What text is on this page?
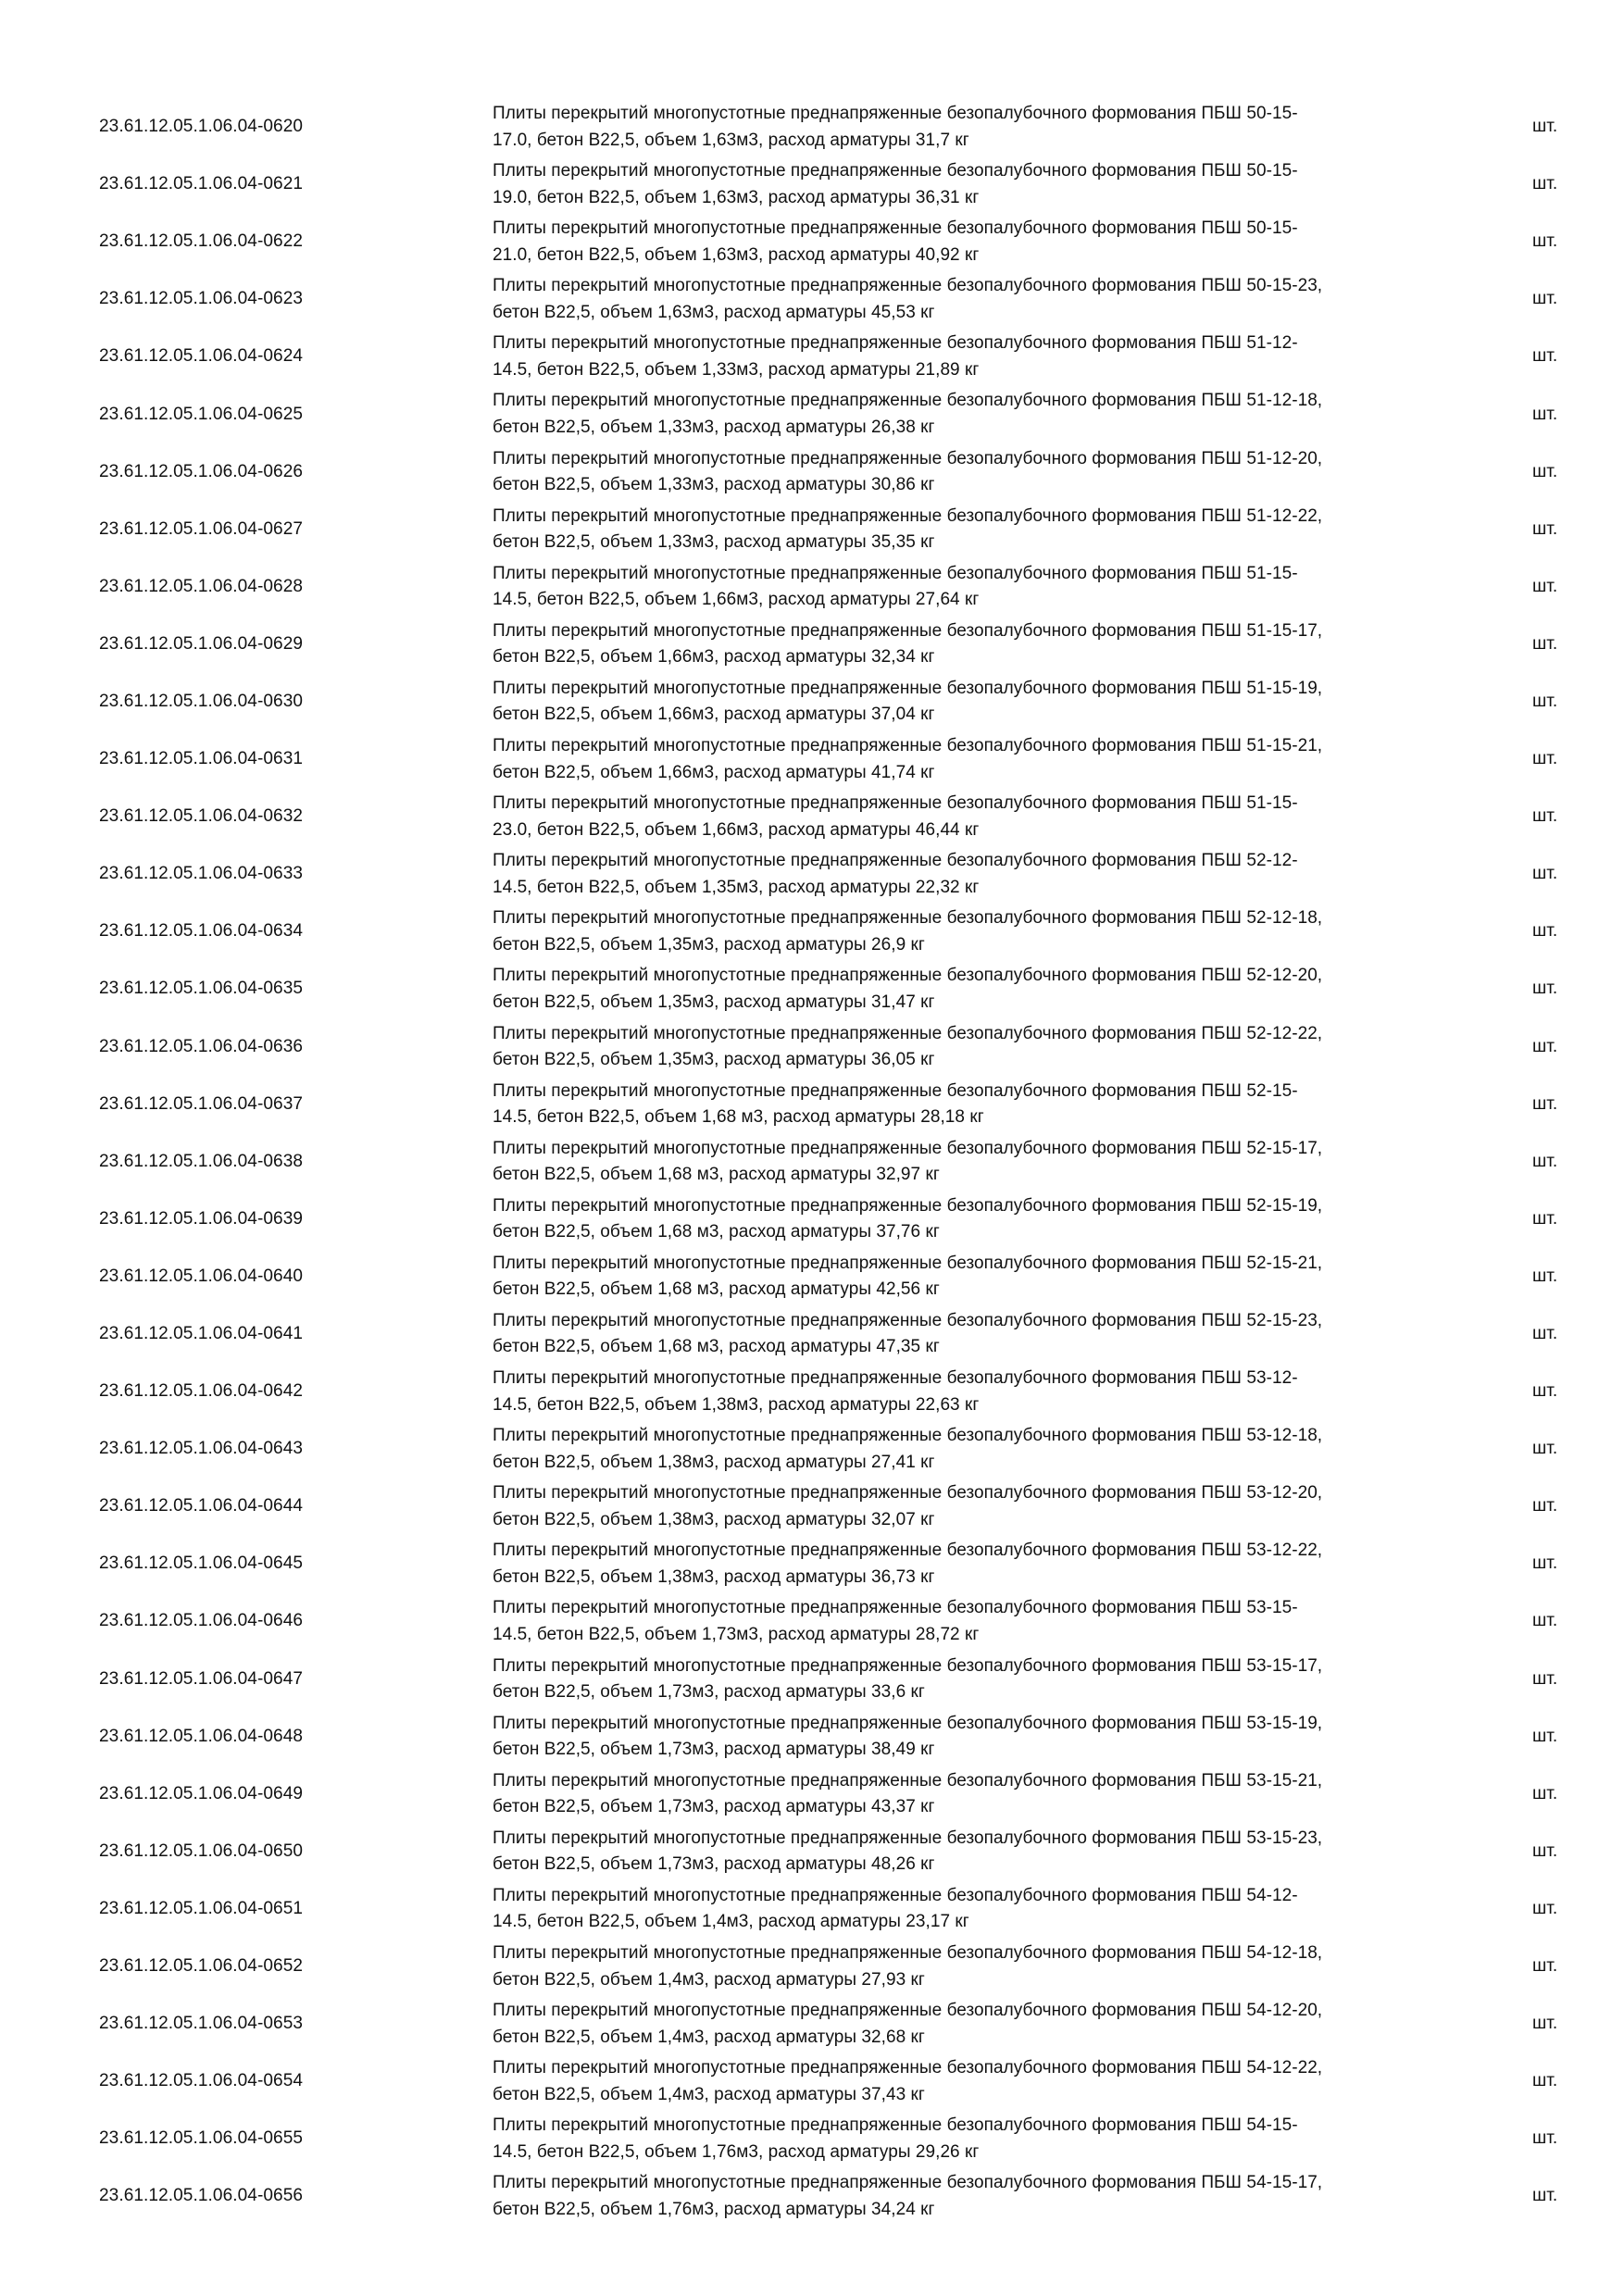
23.61.12.05.1.06.04-0620
Плиты перекрытий многопустотные преднапряженные безопалубочного формования ПБШ 50-15-
17.0, бетон В22,5, объем 1,63м3, расход арматуры 31,7 кг
шт.
23.61.12.05.1.06.04-0621
Плиты перекрытий многопустотные преднапряженные безопалубочного формования ПБШ 50-15-
19.0, бетон В22,5, объем 1,63м3, расход арматуры 36,31 кг
шт.
23.61.12.05.1.06.04-0622
Плиты перекрытий многопустотные преднапряженные безопалубочного формования ПБШ 50-15-
21.0, бетон В22,5, объем 1,63м3, расход арматуры 40,92 кг
шт.
23.61.12.05.1.06.04-0623
Плиты перекрытий многопустотные преднапряженные безопалубочного формования ПБШ 50-15-23,
бетон В22,5, объем 1,63м3, расход арматуры 45,53 кг
шт.
23.61.12.05.1.06.04-0624
Плиты перекрытий многопустотные преднапряженные безопалубочного формования ПБШ 51-12-
14.5, бетон В22,5, объем 1,33м3, расход арматуры 21,89 кг
шт.
23.61.12.05.1.06.04-0625
Плиты перекрытий многопустотные преднапряженные безопалубочного формования ПБШ 51-12-18,
бетон В22,5, объем 1,33м3, расход арматуры 26,38 кг
шт.
23.61.12.05.1.06.04-0626
Плиты перекрытий многопустотные преднапряженные безопалубочного формования ПБШ 51-12-20,
бетон В22,5, объем 1,33м3, расход арматуры 30,86 кг
шт.
23.61.12.05.1.06.04-0627
Плиты перекрытий многопустотные преднапряженные безопалубочного формования ПБШ 51-12-22,
бетон В22,5, объем 1,33м3, расход арматуры 35,35 кг
шт.
23.61.12.05.1.06.04-0628
Плиты перекрытий многопустотные преднапряженные безопалубочного формования ПБШ 51-15-
14.5, бетон В22,5, объем 1,66м3, расход арматуры 27,64 кг
шт.
23.61.12.05.1.06.04-0629
Плиты перекрытий многопустотные преднапряженные безопалубочного формования ПБШ 51-15-17,
бетон В22,5, объем 1,66м3, расход арматуры 32,34 кг
шт.
23.61.12.05.1.06.04-0630
Плиты перекрытий многопустотные преднапряженные безопалубочного формования ПБШ 51-15-19,
бетон В22,5, объем 1,66м3, расход арматуры 37,04 кг
шт.
23.61.12.05.1.06.04-0631
Плиты перекрытий многопустотные преднапряженные безопалубочного формования ПБШ 51-15-21,
бетон В22,5, объем 1,66м3, расход арматуры 41,74 кг
шт.
23.61.12.05.1.06.04-0632
Плиты перекрытий многопустотные преднапряженные безопалубочного формования ПБШ 51-15-
23.0, бетон В22,5, объем 1,66м3, расход арматуры 46,44 кг
шт.
23.61.12.05.1.06.04-0633
Плиты перекрытий многопустотные преднапряженные безопалубочного формования ПБШ 52-12-
14.5, бетон В22,5, объем 1,35м3, расход арматуры 22,32 кг
шт.
23.61.12.05.1.06.04-0634
Плиты перекрытий многопустотные преднапряженные безопалубочного формования ПБШ 52-12-18,
бетон В22,5, объем 1,35м3, расход арматуры 26,9 кг
шт.
23.61.12.05.1.06.04-0635
Плиты перекрытий многопустотные преднапряженные безопалубочного формования ПБШ 52-12-20,
бетон В22,5, объем 1,35м3, расход арматуры 31,47 кг
шт.
23.61.12.05.1.06.04-0636
Плиты перекрытий многопустотные преднапряженные безопалубочного формования ПБШ 52-12-22,
бетон В22,5, объем 1,35м3, расход арматуры 36,05 кг
шт.
23.61.12.05.1.06.04-0637
Плиты перекрытий многопустотные преднапряженные безопалубочного формования ПБШ 52-15-
14.5, бетон В22,5, объем 1,68 м3, расход арматуры 28,18 кг
шт.
23.61.12.05.1.06.04-0638
Плиты перекрытий многопустотные преднапряженные безопалубочного формования ПБШ 52-15-17,
бетон В22,5, объем 1,68 м3, расход арматуры 32,97 кг
шт.
23.61.12.05.1.06.04-0639
Плиты перекрытий многопустотные преднапряженные безопалубочного формования ПБШ 52-15-19,
бетон В22,5, объем 1,68 м3, расход арматуры 37,76 кг
шт.
23.61.12.05.1.06.04-0640
Плиты перекрытий многопустотные преднапряженные безопалубочного формования ПБШ 52-15-21,
бетон В22,5, объем 1,68 м3, расход арматуры 42,56 кг
шт.
23.61.12.05.1.06.04-0641
Плиты перекрытий многопустотные преднапряженные безопалубочного формования ПБШ 52-15-23,
бетон В22,5, объем 1,68 м3, расход арматуры 47,35 кг
шт.
23.61.12.05.1.06.04-0642
Плиты перекрытий многопустотные преднапряженные безопалубочного формования ПБШ 53-12-
14.5, бетон В22,5, объем 1,38м3, расход арматуры 22,63 кг
шт.
23.61.12.05.1.06.04-0643
Плиты перекрытий многопустотные преднапряженные безопалубочного формования ПБШ 53-12-18,
бетон В22,5, объем 1,38м3, расход арматуры 27,41 кг
шт.
23.61.12.05.1.06.04-0644
Плиты перекрытий многопустотные преднапряженные безопалубочного формования ПБШ 53-12-20,
бетон В22,5, объем 1,38м3, расход арматуры 32,07 кг
шт.
23.61.12.05.1.06.04-0645
Плиты перекрытий многопустотные преднапряженные безопалубочного формования ПБШ 53-12-22,
бетон В22,5, объем 1,38м3, расход арматуры 36,73 кг
шт.
23.61.12.05.1.06.04-0646
Плиты перекрытий многопустотные преднапряженные безопалубочного формования ПБШ 53-15-
14.5, бетон В22,5, объем 1,73м3, расход арматуры 28,72 кг
шт.
23.61.12.05.1.06.04-0647
Плиты перекрытий многопустотные преднапряженные безопалубочного формования ПБШ 53-15-17,
бетон В22,5, объем 1,73м3, расход арматуры 33,6 кг
шт.
23.61.12.05.1.06.04-0648
Плиты перекрытий многопустотные преднапряженные безопалубочного формования ПБШ 53-15-19,
бетон В22,5, объем 1,73м3, расход арматуры 38,49 кг
шт.
23.61.12.05.1.06.04-0649
Плиты перекрытий многопустотные преднапряженные безопалубочного формования ПБШ 53-15-21,
бетон В22,5, объем 1,73м3, расход арматуры 43,37 кг
шт.
23.61.12.05.1.06.04-0650
Плиты перекрытий многопустотные преднапряженные безопалубочного формования ПБШ 53-15-23,
бетон В22,5, объем 1,73м3, расход арматуры 48,26 кг
шт.
23.61.12.05.1.06.04-0651
Плиты перекрытий многопустотные преднапряженные безопалубочного формования ПБШ 54-12-
14.5, бетон В22,5, объем 1,4м3, расход арматуры 23,17 кг
шт.
23.61.12.05.1.06.04-0652
Плиты перекрытий многопустотные преднапряженные безопалубочного формования ПБШ 54-12-18,
бетон В22,5, объем 1,4м3, расход арматуры 27,93 кг
шт.
23.61.12.05.1.06.04-0653
Плиты перекрытий многопустотные преднапряженные безопалубочного формования ПБШ 54-12-20,
бетон В22,5, объем 1,4м3, расход арматуры 32,68 кг
шт.
23.61.12.05.1.06.04-0654
Плиты перекрытий многопустотные преднапряженные безопалубочного формования ПБШ 54-12-22,
бетон В22,5, объем 1,4м3, расход арматуры 37,43 кг
шт.
23.61.12.05.1.06.04-0655
Плиты перекрытий многопустотные преднапряженные безопалубочного формования ПБШ 54-15-
14.5, бетон В22,5, объем 1,76м3, расход арматуры 29,26 кг
шт.
23.61.12.05.1.06.04-0656
Плиты перекрытий многопустотные преднапряженные безопалубочного формования ПБШ 54-15-17,
бетон В22,5, объем 1,76м3, расход арматуры 34,24 кг
шт.
